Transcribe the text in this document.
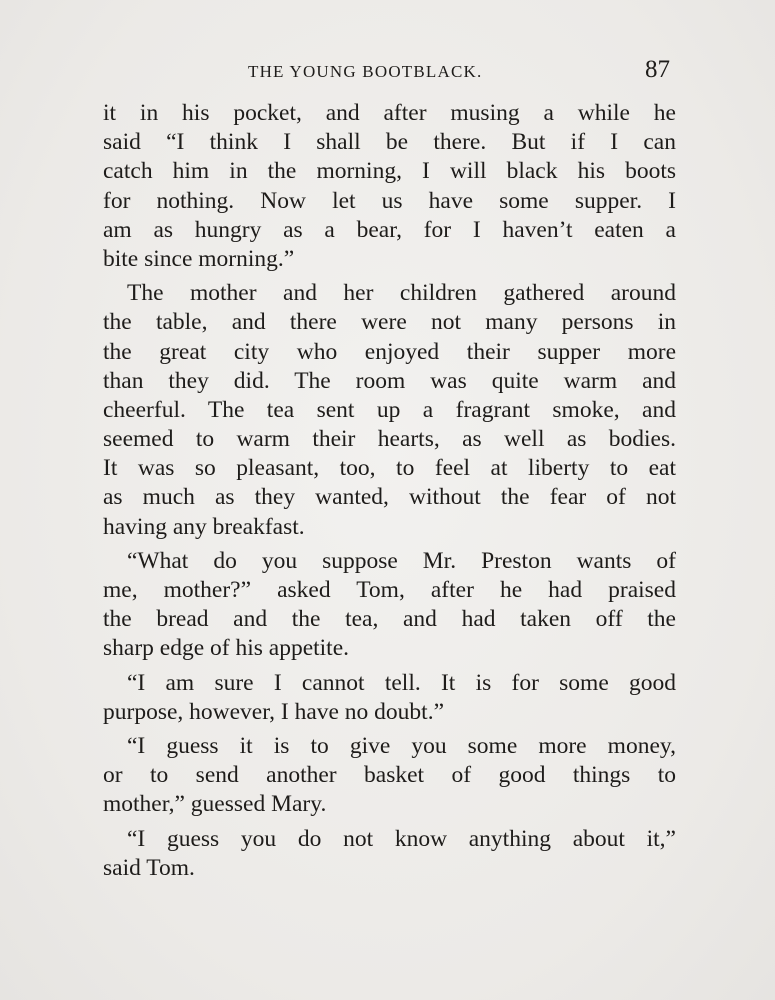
THE YOUNG BOOTBLACK.	87
it in his pocket, and after musing a while he
said “I think I shall be there. But if I can
catch him in the morning, I will black his boots
for nothing. Now let us have some supper. I
am as hungry as a bear, for I haven’t eaten a
bite since morning.”
The mother and her children gathered around
the table, and there were not many persons in
the great city who enjoyed their supper more
than they did. The room was quite warm and
cheerful. The tea sent up a fragrant smoke, and
seemed to warm their hearts, as well as bodies.
It was so pleasant, too, to feel at liberty to eat
as much as they wanted, without the fear of not
having any breakfast.
“What do you suppose Mr. Preston wants of
me, mother?” asked Tom, after he had praised
the bread and the tea, and had taken off the
sharp edge of his appetite.
“I am sure I cannot tell. It is for some good
purpose, however, I have no doubt.”
“I guess it is to give you some more money,
or to send another basket of good things to
mother,” guessed Mary.
“I guess you do not know anything about it,”
said Tom.
